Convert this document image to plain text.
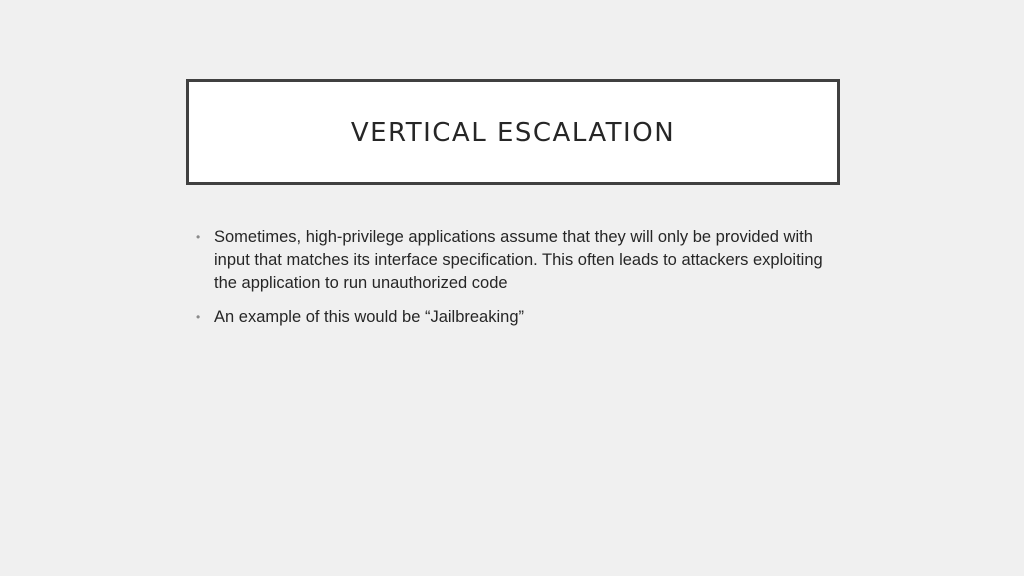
VERTICAL ESCALATION
• Sometimes, high-privilege applications assume that they will only be provided with input that matches its interface specification. This often leads to attackers exploiting the application to run unauthorized code
• An example of this would be “Jailbreaking”
